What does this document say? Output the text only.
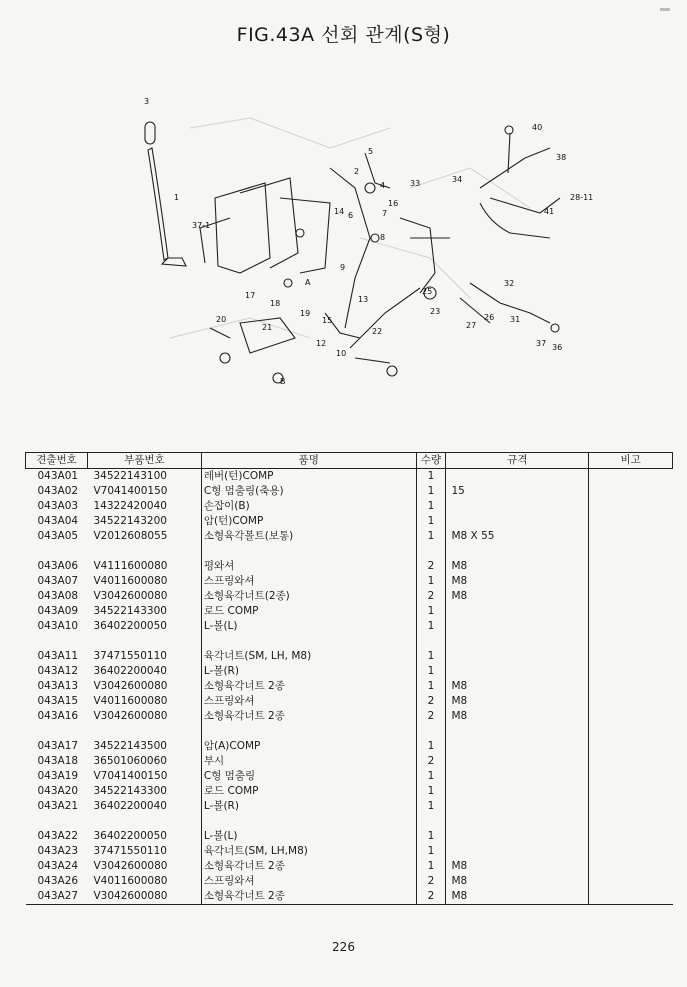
FIG.43A 선회 관계(S형)
3
1
37-1
5
2
4
7
8
6
9
13
16
14
10
22
23
25
26
27
31
32
33	34
36
37
38
40
41
28-11
A
B
12
15
17
18
19
20
21
견출번호	부품번호	품명	수량	규격	비고
043A01	34522143100	레버(턴)COMP	1		
043A02	V7041400150	C형 멈춤링(축용)	1	15	
043A03	14322420040	손잡이(B)	1		
043A04	34522143200	암(턴)COMP	1		
043A05	V2012608055	소형육각볼트(보통)	1	M8 X 55	

043A06	V4111600080	평와셔	2	M8	
043A07	V4011600080	스프링와셔	1	M8	
043A08	V3042600080	소형육각너트(2종)	2	M8	
043A09	34522143300	로드 COMP	1		
043A10	36402200050	L-볼(L)	1		

043A11	37471550110	육각너트(SM, LH, M8)	1		
043A12	36402200040	L-볼(R)	1		
043A13	V3042600080	소형육각너트 2종	1	M8	
043A15	V4011600080	스프링와셔	2	M8	
043A16	V3042600080	소형육각너트 2종	2	M8	

043A17	34522143500	암(A)COMP	1		
043A18	36501060060	부시	2		
043A19	V7041400150	C형 멈춤링	1		
043A20	34522143300	로드 COMP	1		
043A21	36402200040	L-볼(R)	1		

043A22	36402200050	L-볼(L)	1		
043A23	37471550110	육각너트(SM, LH,M8)	1		
043A24	V3042600080	소형육각너트 2종	1	M8	
043A26	V4011600080	스프링와셔	2	M8	
043A27	V3042600080	소형육각너트 2종	2	M8	
226
